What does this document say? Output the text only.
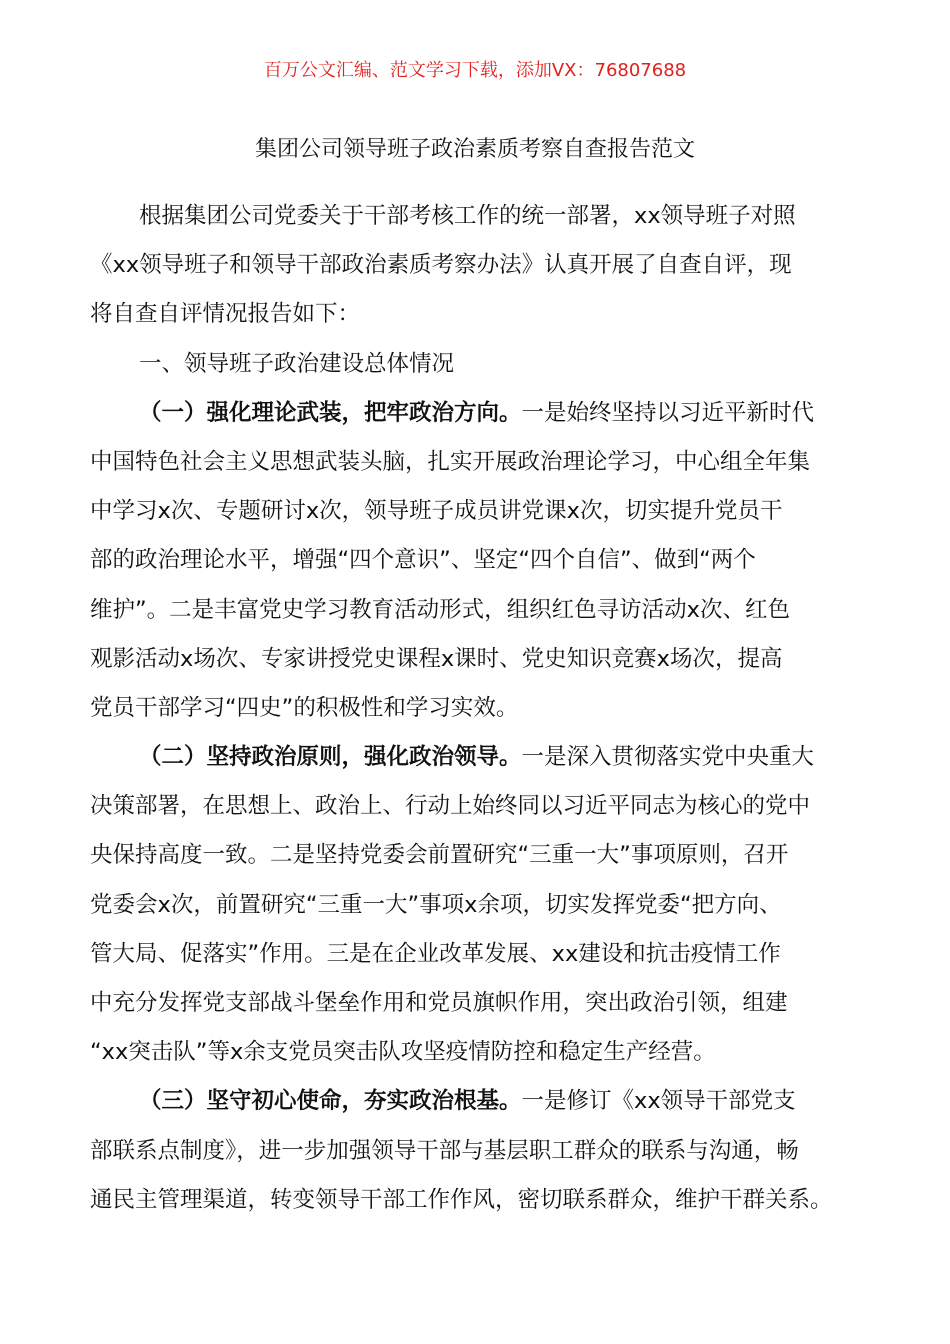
百万公文汇编、范文学习下载，添加VX：76807688
集团公司领导班子政治素质考察自查报告范文
根据集团公司党委关于干部考核工作的统一部署，xx领导班子对照
《xx领导班子和领导干部政治素质考察办法》认真开展了自查自评，现
将自查自评情况报告如下：
一、领导班子政治建设总体情况
（一）强化理论武装，把牢政治方向。一是始终坚持以习近平新时代
中国特色社会主义思想武装头脑，扎实开展政治理论学习，中心组全年集
中学习x次、专题研讨x次，领导班子成员讲党课x次，切实提升党员干
部的政治理论水平，增强“四个意识”、坚定“四个自信”、做到“两个
维护”。二是丰富党史学习教育活动形式，组织红色寻访活动x次、红色
观影活动x场次、专家讲授党史课程x课时、党史知识竞赛x场次，提高
党员干部学习“四史”的积极性和学习实效。
（二）坚持政治原则，强化政治领导。一是深入贯彻落实党中央重大
决策部署，在思想上、政治上、行动上始终同以习近平同志为核心的党中
央保持高度一致。二是坚持党委会前置研究“三重一大”事项原则，召开
党委会x次，前置研究“三重一大”事项x余项，切实发挥党委“把方向、
管大局、促落实”作用。三是在企业改革发展、xx建设和抗击疫情工作
中充分发挥党支部战斗堡垒作用和党员旗帜作用，突出政治引领，组建
“xx突击队”等x余支党员突击队攻坚疫情防控和稳定生产经营。
（三）坚守初心使命，夯实政治根基。一是修订《xx领导干部党支
部联系点制度》，进一步加强领导干部与基层职工群众的联系与沟通，畅
通民主管理渠道，转变领导干部工作作风，密切联系群众，维护干群关系。
